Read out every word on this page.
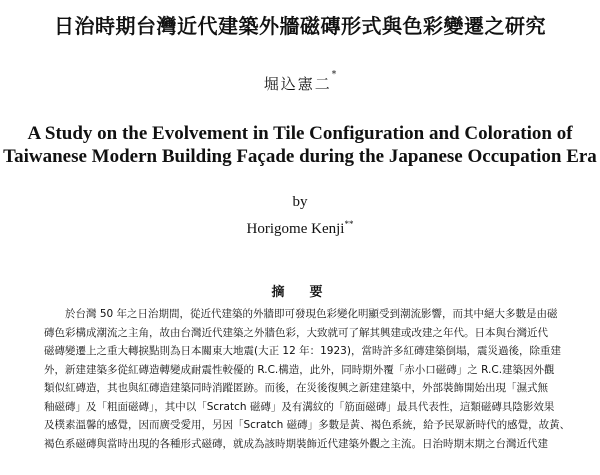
日治時期台灣近代建築外牆磁磚形式與色彩變遷之研究
堀込憲二*
A Study on the Evolvement in Tile Configuration and Coloration of
Taiwanese Modern Building Façade during the Japanese Occupation Era
by
Horigome Kenji**
摘　要
　　於台灣 50 年之日治期間，從近代建築的外牆即可發現色彩變化明顯受到潮流影響，而其中絕大多數是由磁
磚色彩構成潮流之主角，故由台灣近代建築之外牆色彩，大致就可了解其興建或改建之年代。日本與台灣近代
磁磚變遷上之重大轉捩點則為日本關東大地震(大正 12 年：1923)，當時許多紅磚建築倒塌，震災過後，除重建
外，新建建築多從紅磚造轉變成耐震性較優的 R.C.構造，此外，同時期外覆「赤小口磁磚」之 R.C.建築因外觀
類似紅磚造，其也與紅磚造建築同時消蹤匿跡。而後，在災後復興之新建建築中，外部裝飾開始出現「濕式無
釉磁磚」及「粗面磁磚」，其中以「Scratch 磁磚」及有溝紋的「筋面磁磚」最具代表性，這類磁磚具陰影效果
及樸素溫馨的感覺，因而廣受愛用，另因「Scratch 磁磚」多數是黃、褐色系統，給予民眾新時代的感覺，故黃、
褐色系磁磚與當時出現的各種形式磁磚，就成為該時期裝飾近代建築外觀之主流。日治時期末期之台灣近代建
